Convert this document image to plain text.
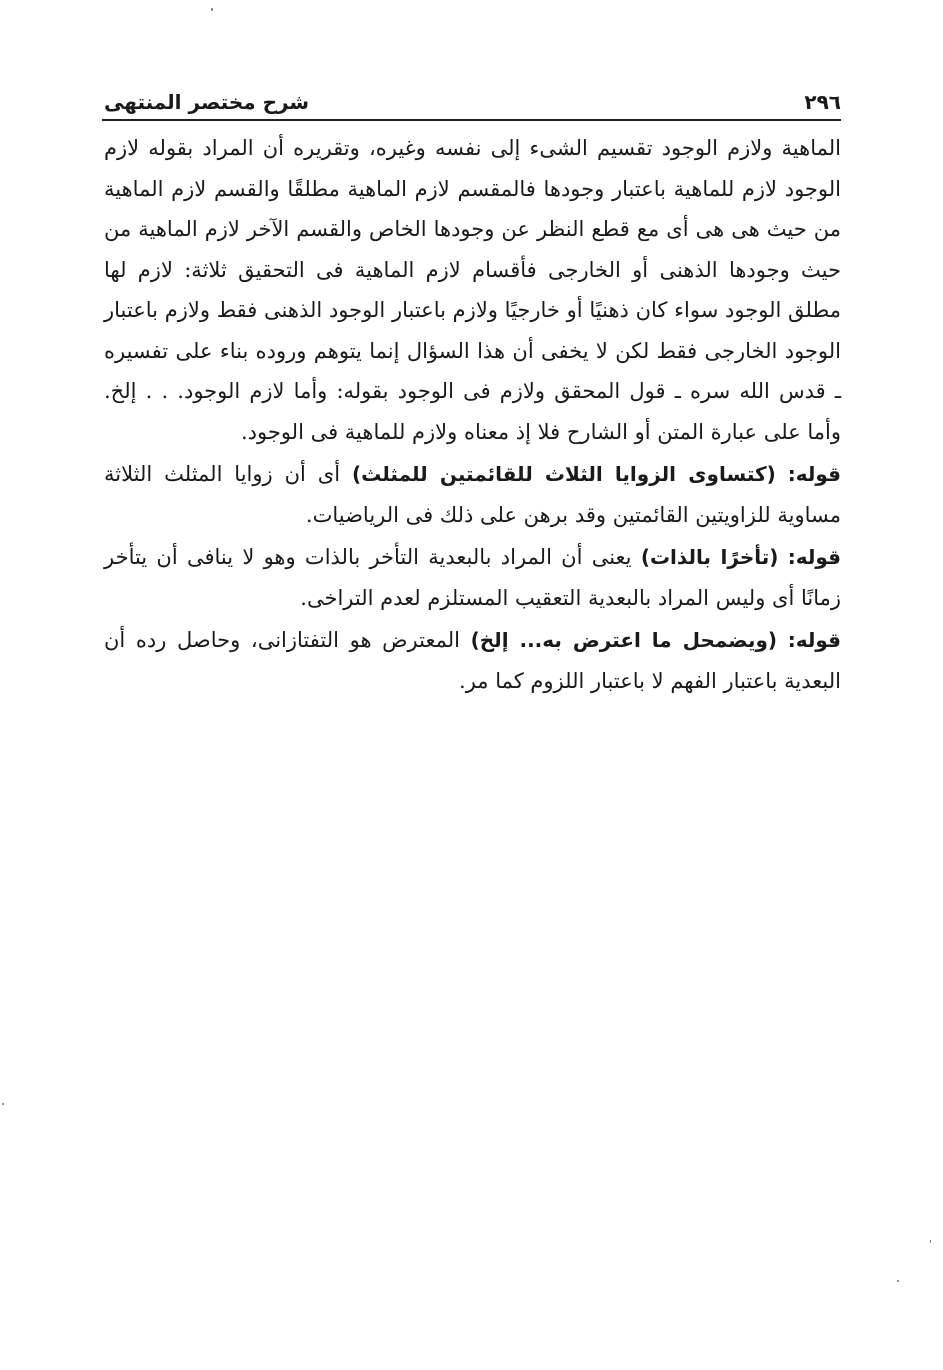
٢٩٦
شرح مختصر المنتهى

الماهية ولازم الوجود تقسيم الشىء إلى نفسه وغيره، وتقريره أن المراد بقوله لازم الوجود لازم للماهية باعتبار وجودها فالمقسم لازم الماهية مطلقًا والقسم لازم الماهية من حيث هى هى أى مع قطع النظر عن وجودها الخاص والقسم الآخر لازم الماهية من حيث وجودها الذهنى أو الخارجى فأقسام لازم الماهية فى التحقيق ثلاثة: لازم لها مطلق الوجود سواء كان ذهنيًا أو خارجيًا ولازم باعتبار الوجود الذهنى فقط ولازم باعتبار الوجود الخارجى فقط لكن لا يخفى أن هذا السؤال إنما يتوهم وروده بناء على تفسيره ـ قدس الله سره ـ قول المحقق ولازم فى الوجود بقوله: وأما لازم الوجود. . . إلخ. وأما على عبارة المتن أو الشارح فلا إذ معناه ولازم للماهية فى الوجود.

قوله: (كتساوى الزوايا الثلاث للقائمتين للمثلث) أى أن زوايا المثلث الثلاثة مساوية للزاويتين القائمتين وقد برهن على ذلك فى الرياضيات.

قوله: (تأخرًا بالذات) يعنى أن المراد بالبعدية التأخر بالذات وهو لا ينافى أن يتأخر زمانًا أى وليس المراد بالبعدية التعقيب المستلزم لعدم التراخى.

قوله: (ويضمحل ما اعترض به... إلخ) المعترض هو التفتازانى، وحاصل رده أن البعدية باعتبار الفهم لا باعتبار اللزوم كما مر.
